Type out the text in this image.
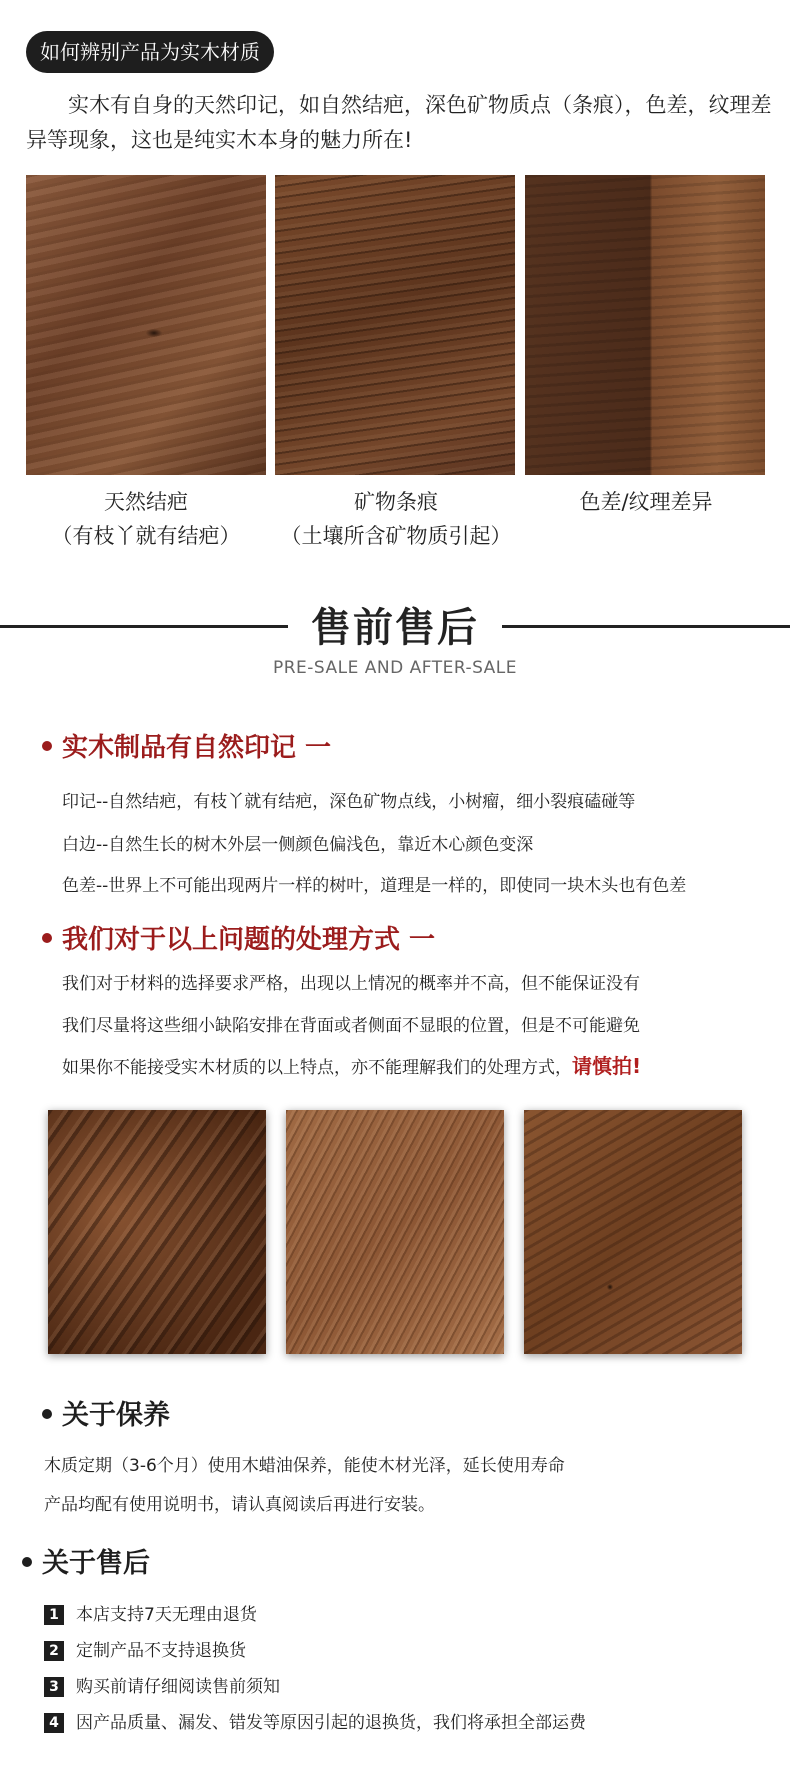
如何辨别产品为实木材质

实木有自身的天然印记，如自然结疤，深色矿物质点（条痕），色差，纹理差异等现象，这也是纯实木本身的魅力所在!

天然结疤
（有枝丫就有结疤）
矿物条痕
（土壤所含矿物质引起）
色差/纹理差异
售前售后
PRE-SALE AND AFTER-SALE
实木制品有自然印记 一
印记--自然结疤，有枝丫就有结疤，深色矿物点线，小树瘤，细小裂痕磕碰等
白边--自然生长的树木外层一侧颜色偏浅色，靠近木心颜色变深
色差--世界上不可能出现两片一样的树叶，道理是一样的，即使同一块木头也有色差
我们对于以上问题的处理方式 一
我们对于材料的选择要求严格，出现以上情况的概率并不高，但不能保证没有
我们尽量将这些细小缺陷安排在背面或者侧面不显眼的位置，但是不可能避免
如果你不能接受实木材质的以上特点，亦不能理解我们的处理方式，请慎拍!
关于保养
木质定期（3-6个月）使用木蜡油保养，能使木材光泽，延长使用寿命
产品均配有使用说明书，请认真阅读后再进行安装。
关于售后
1 本店支持7天无理由退货
2 定制产品不支持退换货
3 购买前请仔细阅读售前须知
4 因产品质量、漏发、错发等原因引起的退换货，我们将承担全部运费
